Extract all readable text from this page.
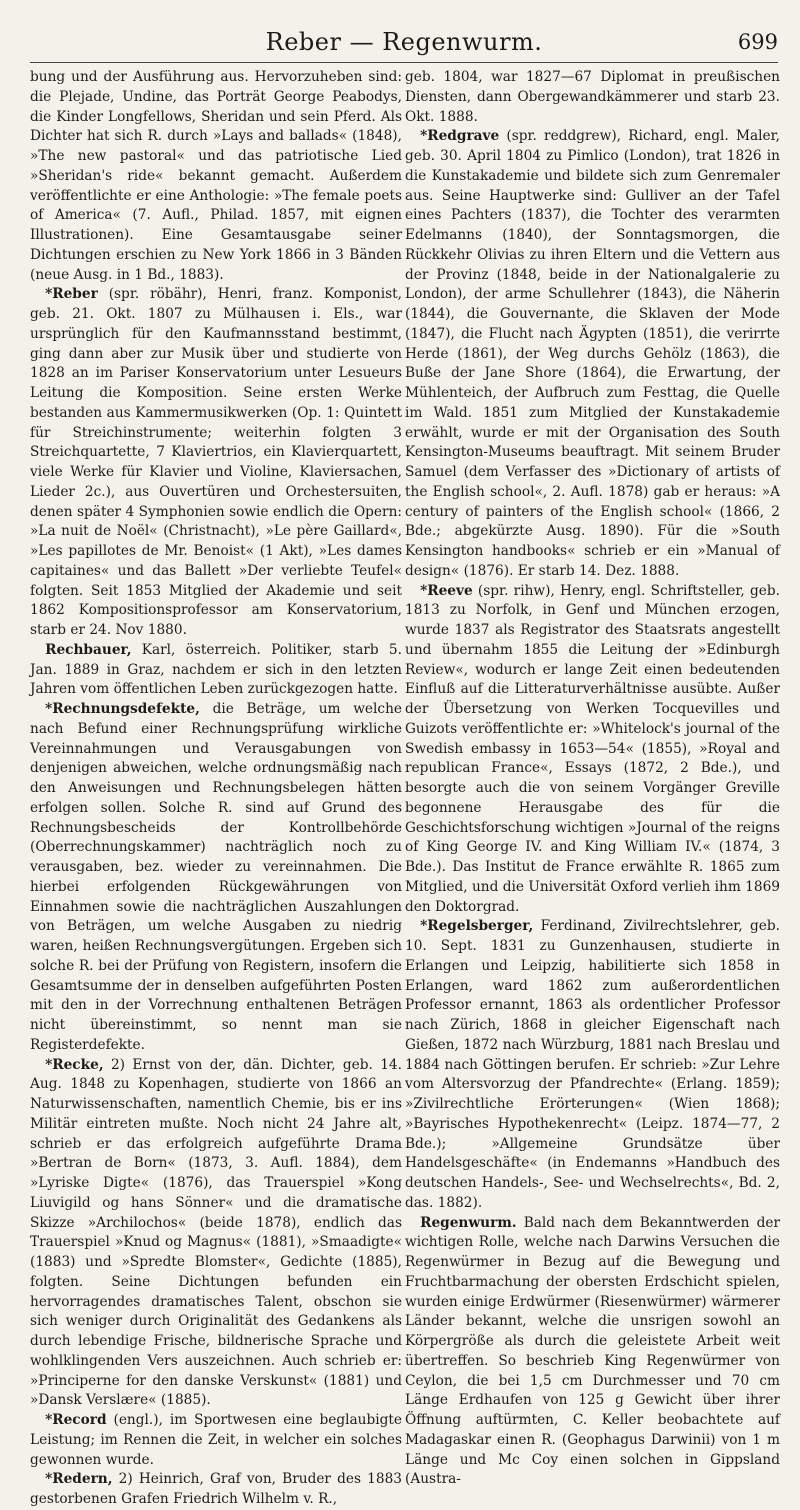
Reber — Regenwurm.	699

bung und der Ausführung aus. Hervorzuheben sind: die Plejade, Undine, das Porträt George Peabodys, die Kinder Longfellows, Sheridan und sein Pferd. Als Dichter hat sich R. durch »Lays and ballads« (1848), »The new pastoral« und das patriotische Lied »Sheridan's ride« bekannt gemacht. Außerdem veröffentlichte er eine Anthologie: »The female poets of America« (7. Aufl., Philad. 1857, mit eignen Illustrationen). Eine Gesamtausgabe seiner Dichtungen erschien zu New York 1866 in 3 Bänden (neue Ausg. in 1 Bd., 1883).

*Reber (spr. röbähr), Henri, franz. Komponist, geb. 21. Okt. 1807 zu Mülhausen i. Els., war ursprünglich für den Kaufmannsstand bestimmt, ging dann aber zur Musik über und studierte von 1828 an im Pariser Konservatorium unter Lesueurs Leitung die Komposition. Seine ersten Werke bestanden aus Kammermusikwerken (Op. 1: Quintett für Streichinstrumente; weiterhin folgten 3 Streichquartette, 7 Klaviertrios, ein Klavierquartett, viele Werke für Klavier und Violine, Klaviersachen, Lieder 2c.), aus Ouvertüren und Orchestersuiten, denen später 4 Symphonien sowie endlich die Opern: »La nuit de Noël« (Christnacht), »Le père Gaillard«, »Les papillotes de Mr. Benoist« (1 Akt), »Les dames capitaines« und das Ballett »Der verliebte Teufel« folgten. Seit 1853 Mitglied der Akademie und seit 1862 Kompositionsprofessor am Konservatorium, starb er 24. Nov 1880.

Rechbauer, Karl, österreich. Politiker, starb 5. Jan. 1889 in Graz, nachdem er sich in den letzten Jahren vom öffentlichen Leben zurückgezogen hatte.

*Rechnungsdefekte, die Beträge, um welche nach Befund einer Rechnungsprüfung wirkliche Vereinnahmungen und Verausgabungen von denjenigen abweichen, welche ordnungsmäßig nach den Anweisungen und Rechnungsbelegen hätten erfolgen sollen. Solche R. sind auf Grund des Rechnungsbescheids der Kontrollbehörde (Oberrechnungskammer) nachträglich noch zu verausgaben, bez. wieder zu vereinnahmen. Die hierbei erfolgenden Rückgewährungen von Einnahmen sowie die nachträglichen Auszahlungen von Beträgen, um welche Ausgaben zu niedrig waren, heißen Rechnungsvergütungen. Ergeben sich solche R. bei der Prüfung von Registern, insofern die Gesamtsumme der in denselben aufgeführten Posten mit den in der Vorrechnung enthaltenen Beträgen nicht übereinstimmt, so nennt man sie Registerdefekte.

*Recke, 2) Ernst von der, dän. Dichter, geb. 14. Aug. 1848 zu Kopenhagen, studierte von 1866 an Naturwissenschaften, namentlich Chemie, bis er ins Militär eintreten mußte. Noch nicht 24 Jahre alt, schrieb er das erfolgreich aufgeführte Drama »Bertran de Born« (1873, 3. Aufl. 1884), dem »Lyriske Digte« (1876), das Trauerspiel »Kong Liuvigild og hans Sönner« und die dramatische Skizze »Archilochos« (beide 1878), endlich das Trauerspiel »Knud og Magnus« (1881), »Smaadigte« (1883) und »Spredte Blomster«, Gedichte (1885), folgten. Seine Dichtungen befunden ein hervorragendes dramatisches Talent, obschon sie sich weniger durch Originalität des Gedankens als durch lebendige Frische, bildnerische Sprache und wohlklingenden Vers auszeichnen. Auch schrieb er: »Principerne for den danske Verskunst« (1881) und »Dansk Verslære« (1885).

*Record (engl.), im Sportwesen eine beglaubigte Leistung; im Rennen die Zeit, in welcher ein solches gewonnen wurde.

*Redern, 2) Heinrich, Graf von, Bruder des 1883 gestorbenen Grafen Friedrich Wilhelm v. R.,

geb. 1804, war 1827—67 Diplomat in preußischen Diensten, dann Obergewandkämmerer und starb 23. Okt. 1888.

*Redgrave (spr. reddgrew), Richard, engl. Maler, geb. 30. April 1804 zu Pimlico (London), trat 1826 in die Kunstakademie und bildete sich zum Genremaler aus. Seine Hauptwerke sind: Gulliver an der Tafel eines Pachters (1837), die Tochter des verarmten Edelmanns (1840), der Sonntagsmorgen, die Rückkehr Olivias zu ihren Eltern und die Vettern aus der Provinz (1848, beide in der Nationalgalerie zu London), der arme Schullehrer (1843), die Näherin (1844), die Gouvernante, die Sklaven der Mode (1847), die Flucht nach Ägypten (1851), die verirrte Herde (1861), der Weg durchs Gehölz (1863), die Buße der Jane Shore (1864), die Erwartung, der Mühlenteich, der Aufbruch zum Festtag, die Quelle im Wald. 1851 zum Mitglied der Kunstakademie erwählt, wurde er mit der Organisation des South Kensington-Museums beauftragt. Mit seinem Bruder Samuel (dem Verfasser des »Dictionary of artists of the English school«, 2. Aufl. 1878) gab er heraus: »A century of painters of the English school« (1866, 2 Bde.; abgekürzte Ausg. 1890). Für die »South Kensington handbooks« schrieb er ein »Manual of design« (1876). Er starb 14. Dez. 1888.

*Reeve (spr. rihw), Henry, engl. Schriftsteller, geb. 1813 zu Norfolk, in Genf und München erzogen, wurde 1837 als Registrator des Staatsrats angestellt und übernahm 1855 die Leitung der »Edinburgh Review«, wodurch er lange Zeit einen bedeutenden Einfluß auf die Litteraturverhältnisse ausübte. Außer der Übersetzung von Werken Tocquevilles und Guizots veröffentlichte er: »Whitelock's journal of the Swedish embassy in 1653—54« (1855), »Royal and republican France«, Essays (1872, 2 Bde.), und besorgte auch die von seinem Vorgänger Greville begonnene Herausgabe des für die Geschichtsforschung wichtigen »Journal of the reigns of King George IV. and King William IV.« (1874, 3 Bde.). Das Institut de France erwählte R. 1865 zum Mitglied, und die Universität Oxford verlieh ihm 1869 den Doktorgrad.

*Regelsberger, Ferdinand, Zivilrechtslehrer, geb. 10. Sept. 1831 zu Gunzenhausen, studierte in Erlangen und Leipzig, habilitierte sich 1858 in Erlangen, ward 1862 zum außerordentlichen Professor ernannt, 1863 als ordentlicher Professor nach Zürich, 1868 in gleicher Eigenschaft nach Gießen, 1872 nach Würzburg, 1881 nach Breslau und 1884 nach Göttingen berufen. Er schrieb: »Zur Lehre vom Altersvorzug der Pfandrechte« (Erlang. 1859); »Zivilrechtliche Erörterungen« (Wien 1868); »Bayrisches Hypothekenrecht« (Leipz. 1874—77, 2 Bde.); »Allgemeine Grundsätze über Handelsgeschäfte« (in Endemanns »Handbuch des deutschen Handels-, See- und Wechselrechts«, Bd. 2, das. 1882).

Regenwurm. Bald nach dem Bekanntwerden der wichtigen Rolle, welche nach Darwins Versuchen die Regenwürmer in Bezug auf die Bewegung und Fruchtbarmachung der obersten Erdschicht spielen, wurden einige Erdwürmer (Riesenwürmer) wärmerer Länder bekannt, welche die unsrigen sowohl an Körpergröße als durch die geleistete Arbeit weit übertreffen. So beschrieb King Regenwürmer von Ceylon, die bei 1,5 cm Durchmesser und 70 cm Länge Erdhaufen von 125 g Gewicht über ihrer Öffnung auftürmten, C. Keller beobachtete auf Madagaskar einen R. (Geophagus Darwinii) von 1 m Länge und Mc Coy einen solchen in Gippsland (Austra-
